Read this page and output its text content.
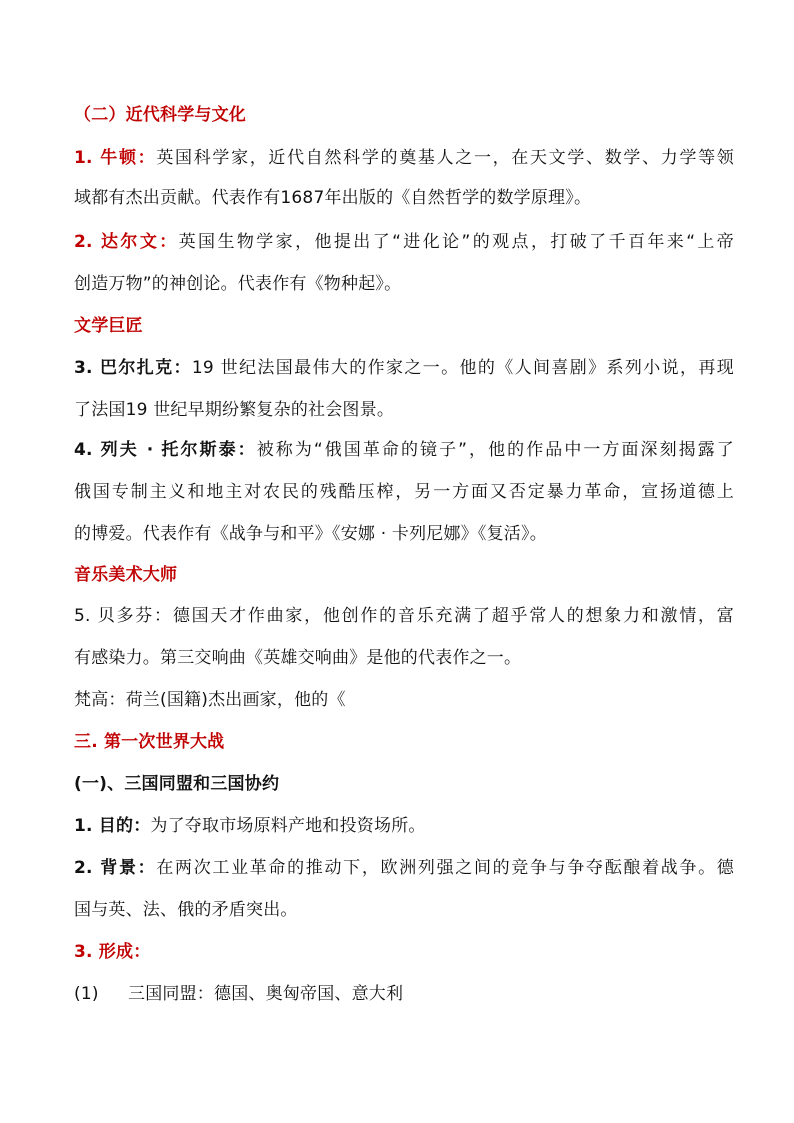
（二）近代科学与文化
1. 牛顿：英国科学家，近代自然科学的奠基人之一，在天文学、数学、力学等领
域都有杰出贡献。代表作有1687年出版的《自然哲学的数学原理》。
2. 达尔文：英国生物学家，他提出了“进化论”的观点，打破了千百年来“上帝
创造万物”的神创论。代表作有《物种起》。
文学巨匠
3. 巴尔扎克：19 世纪法国最伟大的作家之一。他的《人间喜剧》系列小说，再现
了法国19 世纪早期纷繁复杂的社会图景。
4. 列夫 · 托尔斯泰：被称为“俄国革命的镜子”，他的作品中一方面深刻揭露了
俄国专制主义和地主对农民的残酷压榨，另一方面又否定暴力革命，宣扬道德上
的博爱。代表作有《战争与和平》《安娜 · 卡列尼娜》《复活》。
音乐美术大师
5. 贝多芬：德国天才作曲家，他创作的音乐充满了超乎常人的想象力和激情，富
有感染力。第三交响曲《英雄交响曲》是他的代表作之一。
梵高：荷兰(国籍)杰出画家，他的《
三. 第一次世界大战
(一)、三国同盟和三国协约
1. 目的：为了夺取市场原料产地和投资场所。
2. 背景：在两次工业革命的推动下，欧洲列强之间的竞争与争夺酝酿着战争。德
国与英、法、俄的矛盾突出。
3. 形成：
(1) 三国同盟：德国、奥匈帝国、意大利
